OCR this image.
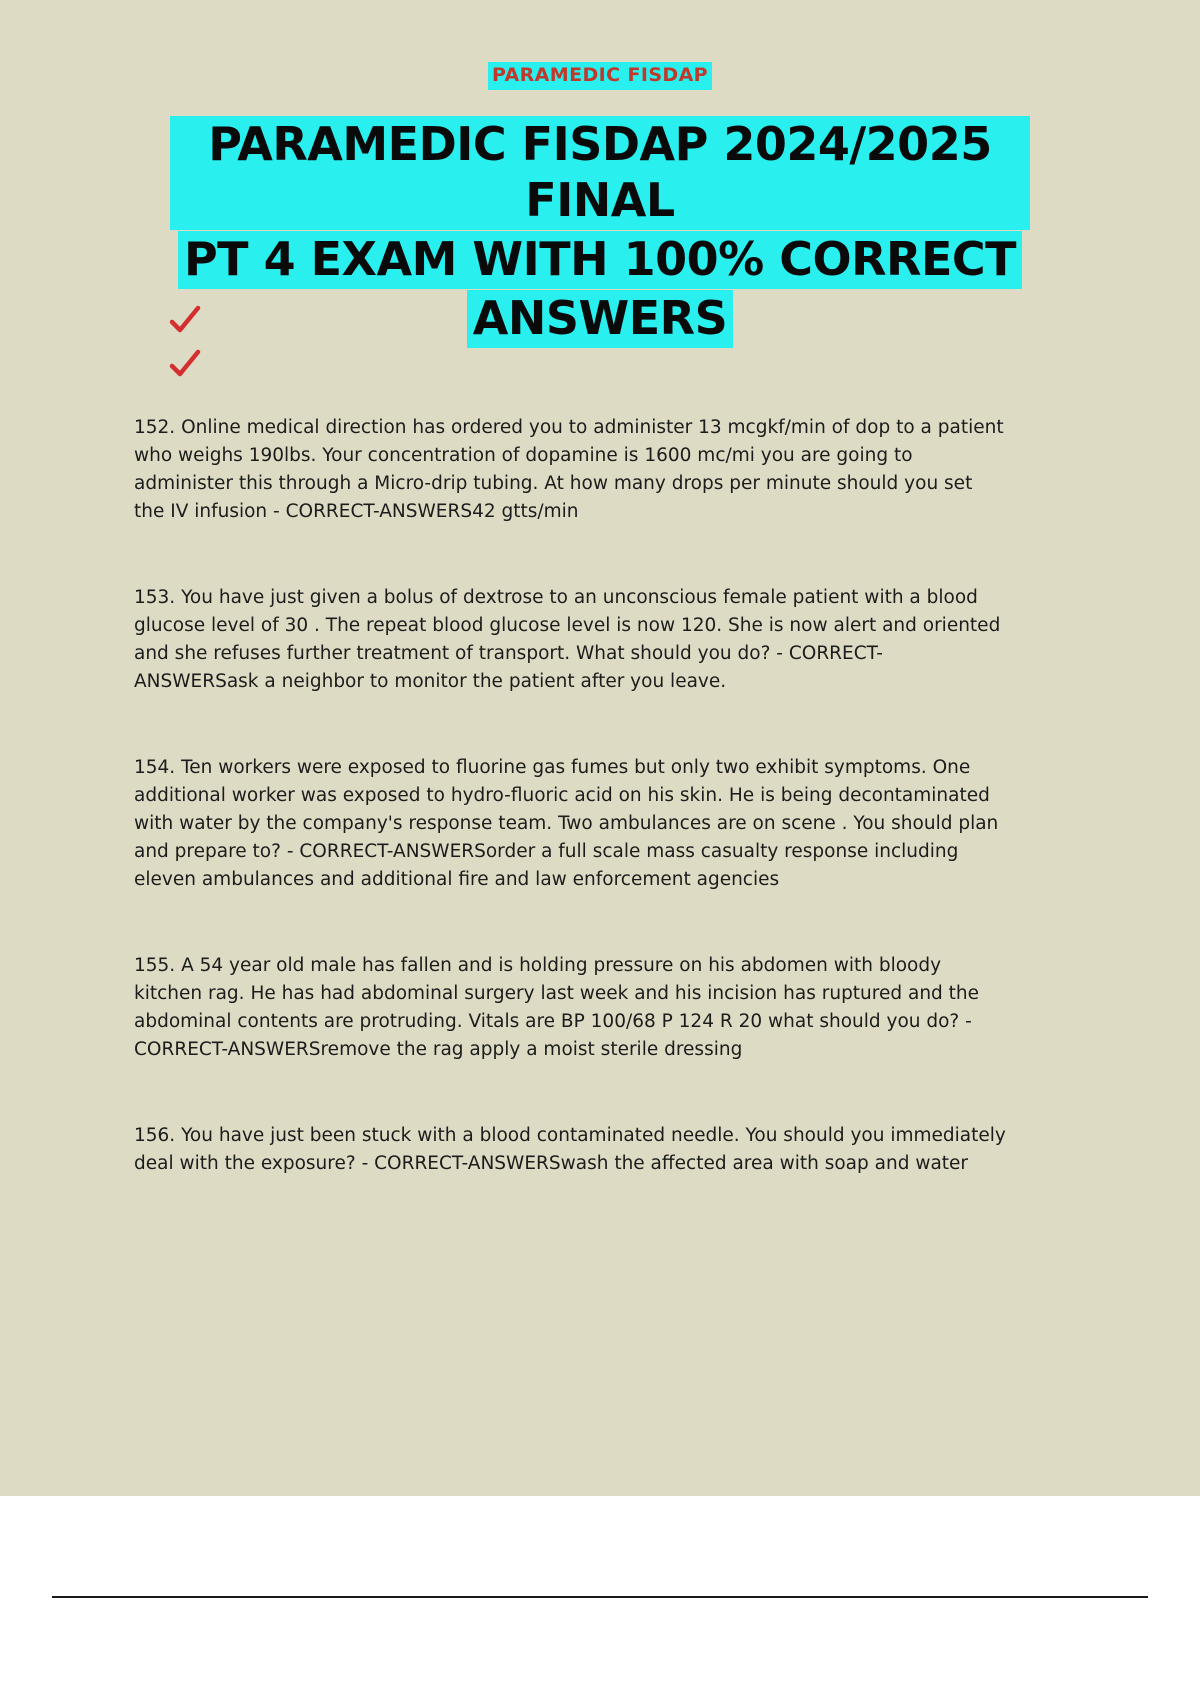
PARAMEDIC FISDAP
PARAMEDIC FISDAP 2024/2025 FINAL
PT 4 EXAM WITH 100% CORRECT
ANSWERS

152. Online medical direction has ordered you to administer 13 mcgkf/min of dop to a patient who weighs 190lbs. Your concentration of dopamine is 1600 mc/mi you are going to administer this through a Micro-drip tubing. At how many drops per minute should you set the IV infusion - CORRECT-ANSWERS42 gtts/min

153. You have just given a bolus of dextrose to an unconscious female patient with a blood glucose level of 30 . The repeat blood glucose level is now 120. She is now alert and oriented and she refuses further treatment of transport. What should you do? - CORRECT-ANSWERSask a neighbor to monitor the patient after you leave.

154. Ten workers were exposed to fluorine gas fumes but only two exhibit symptoms. One additional worker was exposed to hydro-fluoric acid on his skin. He is being decontaminated with water by the company's response team. Two ambulances are on scene . You should plan and prepare to? - CORRECT-ANSWERSorder a full scale mass casualty response including eleven ambulances and additional fire and law enforcement agencies

155. A 54 year old male has fallen and is holding pressure on his abdomen with bloody kitchen rag. He has had abdominal surgery last week and his incision has ruptured and the abdominal contents are protruding. Vitals are BP 100/68 P 124 R 20 what should you do? - CORRECT-ANSWERSremove the rag apply a moist sterile dressing

156. You have just been stuck with a blood contaminated needle. You should you immediately deal with the exposure? - CORRECT-ANSWERSwash the affected area with soap and water
